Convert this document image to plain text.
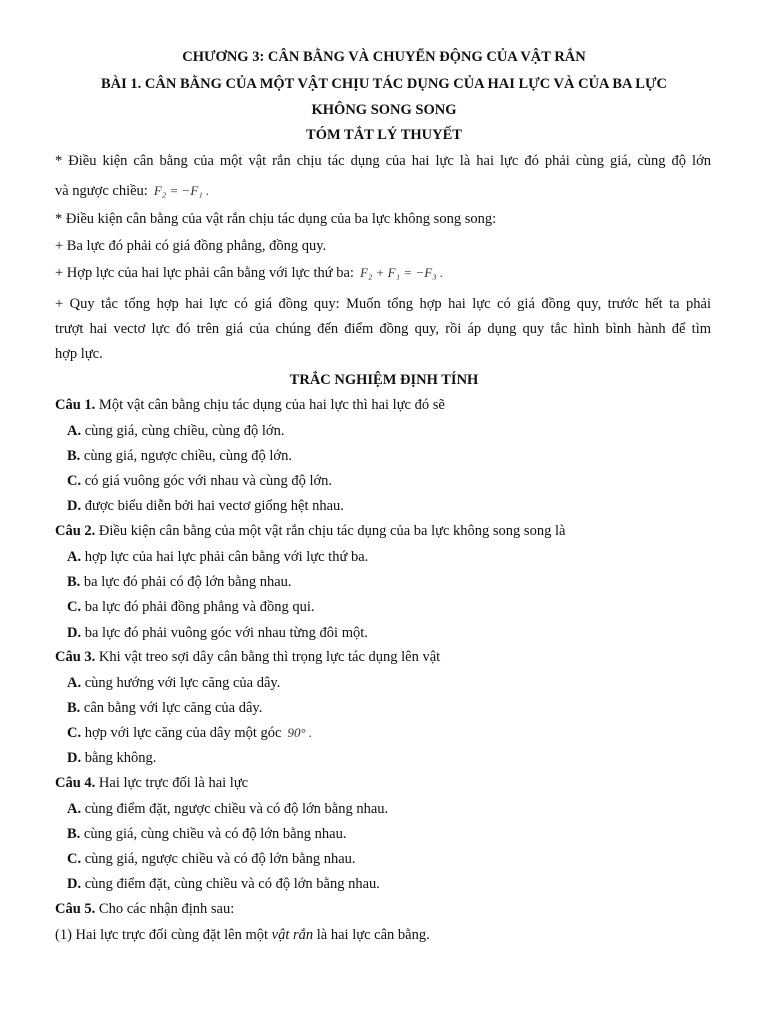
CHƯƠNG 3: CÂN BẰNG VÀ CHUYỂN ĐỘNG CỦA VẬT RẮN
BÀI 1. CÂN BẰNG CỦA MỘT VẬT CHỊU TÁC DỤNG CỦA HAI LỰC VÀ CỦA BA LỰC
KHÔNG SONG SONG
TÓM TẮT LÝ THUYẾT
* Điều kiện cân bằng của một vật rắn chịu tác dụng của hai lực là hai lực đó phải cùng giá, cùng độ lớn
và ngược chiều: F₂ = −F₁ .
* Điều kiện cân bằng của vật rắn chịu tác dụng của ba lực không song song:
+ Ba lực đó phải có giá đồng phẳng, đồng quy.
+ Hợp lực của hai lực phải cân bằng với lực thứ ba: F₂ + F₁ = −F₃ .
+ Quy tắc tổng hợp hai lực có giá đồng quy: Muốn tổng hợp hai lực có giá đồng quy, trước hết ta phải
trượt hai vectơ lực đó trên giá của chúng đến điểm đồng quy, rồi áp dụng quy tắc hình bình hành để tìm
hợp lực.
TRẮC NGHIỆM ĐỊNH TÍNH
Câu 1. Một vật cân bằng chịu tác dụng của hai lực thì hai lực đó sẽ
A. cùng giá, cùng chiều, cùng độ lớn.
B. cùng giá, ngược chiều, cùng độ lớn.
C. có giá vuông góc với nhau và cùng độ lớn.
D. được biểu diễn bởi hai vectơ giống hệt nhau.
Câu 2. Điều kiện cân bằng của một vật rắn chịu tác dụng của ba lực không song song là
A. hợp lực của hai lực phải cân bằng với lực thứ ba.
B. ba lực đó phải có độ lớn bằng nhau.
C. ba lực đó phải đồng phẳng và đồng qui.
D. ba lực đó phải vuông góc với nhau từng đôi một.
Câu 3. Khi vật treo sợi dây cân bằng thì trọng lực tác dụng lên vật
A. cùng hướng với lực căng của dây.
B. cân bằng với lực căng của dây.
C. hợp với lực căng của dây một góc 90° .
D. bằng không.
Câu 4. Hai lực trực đối là hai lực
A. cùng điểm đặt, ngược chiều và có độ lớn bằng nhau.
B. cùng giá, cùng chiều và có độ lớn bằng nhau.
C. cùng giá, ngược chiều và có độ lớn bằng nhau.
D. cùng điểm đặt, cùng chiều và có độ lớn bằng nhau.
Câu 5. Cho các nhận định sau:
(1) Hai lực trực đối cùng đặt lên một vật rắn là hai lực cân bằng.
